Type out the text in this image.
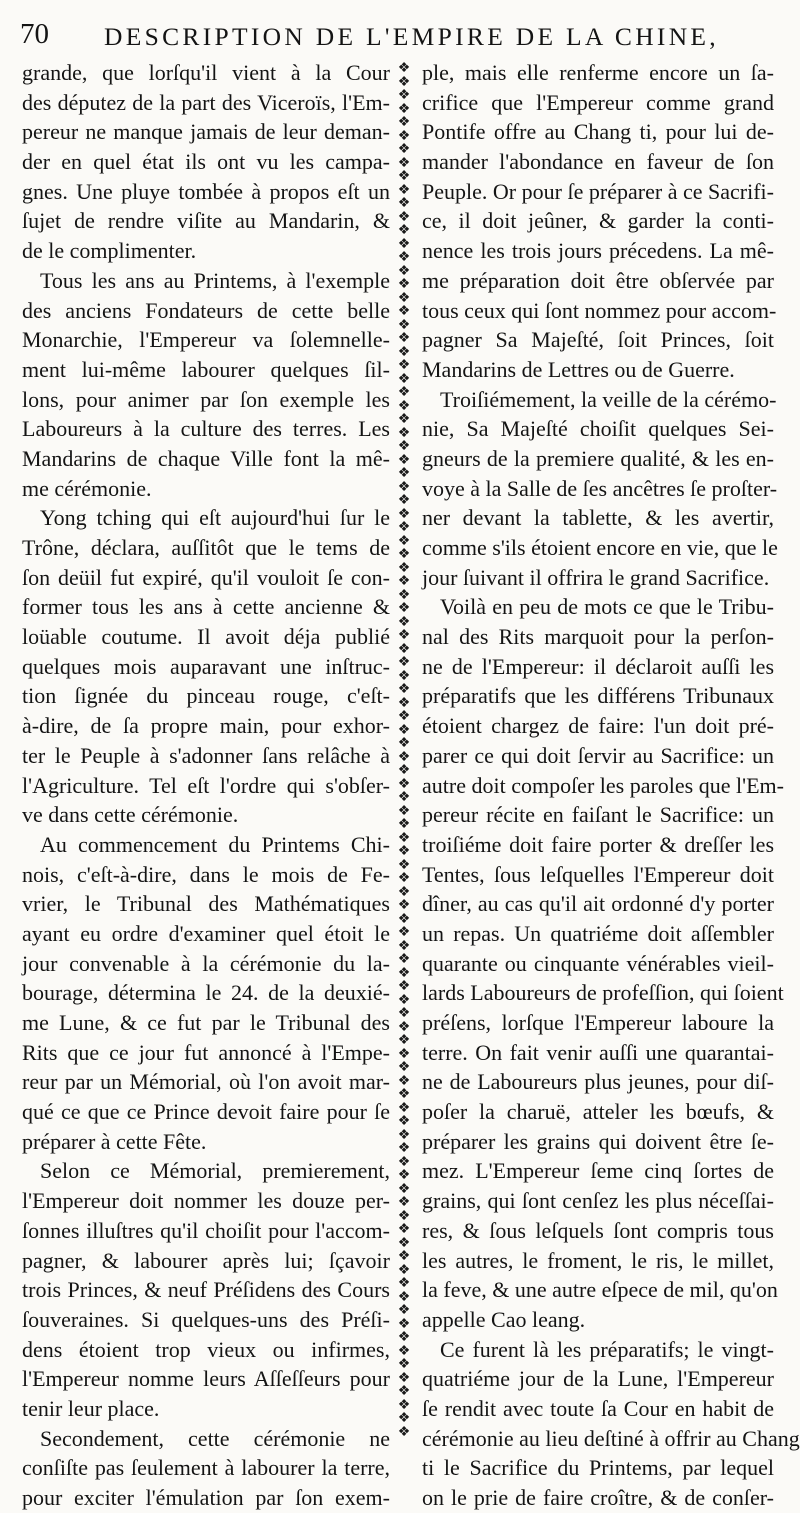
70 DESCRIPTION DE L'EMPIRE DE LA CHINE,
grande, que lorſqu'il vient à la Cour
des députez de la part des Viceroïs, l'Em-
pereur ne manque jamais de leur deman-
der en quel état ils ont vu les campa-
gnes. Une pluye tombée à propos eſt un
ſujet de rendre viſite au Mandarin, &
de le complimenter.
Tous les ans au Printems, à l'exemple
des anciens Fondateurs de cette belle
Monarchie, l'Empereur va ſolemnelle-
ment lui-même labourer quelques ſil-
lons, pour animer par ſon exemple les
Laboureurs à la culture des terres. Les
Mandarins de chaque Ville font la mê-
me cérémonie.
Yong tching qui eſt aujourd'hui ſur le
Trône, déclara, auſſitôt que le tems de
ſon deüil fut expiré, qu'il vouloit ſe con-
former tous les ans à cette ancienne &
loüable coutume. Il avoit déja publié
quelques mois auparavant une inſtruc-
tion ſignée du pinceau rouge, c'eſt-
à-dire, de ſa propre main, pour exhor-
ter le Peuple à s'adonner ſans relâche à
l'Agriculture. Tel eſt l'ordre qui s'obſer-
ve dans cette cérémonie.
Au commencement du Printems Chi-
nois, c'eſt-à-dire, dans le mois de Fe-
vrier, le Tribunal des Mathématiques
ayant eu ordre d'examiner quel étoit le
jour convenable à la cérémonie du la-
bourage, détermina le 24. de la deuxié-
me Lune, & ce fut par le Tribunal des
Rits que ce jour fut annoncé à l'Empe-
reur par un Mémorial, où l'on avoit mar-
qué ce que ce Prince devoit faire pour ſe
préparer à cette Fête.
Selon ce Mémorial, premierement,
l'Empereur doit nommer les douze per-
ſonnes illuſtres qu'il choiſit pour l'accom-
pagner, & labourer après lui; ſçavoir
trois Princes, & neuf Préſidens des Cours
ſouveraines. Si quelques-uns des Préſi-
dens étoient trop vieux ou infirmes,
l'Empereur nomme leurs Aſſeſſeurs pour
tenir leur place.
Secondement, cette cérémonie ne
conſiſte pas ſeulement à labourer la terre,
pour exciter l'émulation par ſon exem-
❖
❖
❖
❖
❖
❖
❖
❖
❖
❖
❖
❖
❖
❖
❖
❖
❖
❖
❖
❖
❖
❖
❖
❖
❖
❖
❖
❖
❖
❖
❖
❖
❖
❖
❖
❖
❖
❖
❖
❖
❖
❖
❖
❖
❖
❖
❖
❖
❖
❖
❖
❖
❖
❖
❖
❖
❖
❖
❖
❖
❖
❖
❖
❖
❖
❖
❖
❖
❖
❖
❖
❖
❖
❖
❖
❖
❖
❖
❖
❖
❖
❖
❖
❖
❖
❖
❖
❖
❖
❖
❖
❖
❖
❖
❖
❖
❖
❖
❖
❖
❖
❖
ple, mais elle renferme encore un ſa-
crifice que l'Empereur comme grand
Pontife offre au Chang ti, pour lui de-
mander l'abondance en faveur de ſon
Peuple. Or pour ſe préparer à ce Sacrifi-
ce, il doit jeûner, & garder la conti-
nence les trois jours précedens. La mê-
me préparation doit être obſervée par
tous ceux qui ſont nommez pour accom-
pagner Sa Majeſté, ſoit Princes, ſoit
Mandarins de Lettres ou de Guerre.
Troiſiémement, la veille de la cérémo-
nie, Sa Majeſté choiſit quelques Sei-
gneurs de la premiere qualité, & les en-
voye à la Salle de ſes ancêtres ſe proſter-
ner devant la tablette, & les avertir,
comme s'ils étoient encore en vie, que le
jour ſuivant il offrira le grand Sacrifice.
Voilà en peu de mots ce que le Tribu-
nal des Rits marquoit pour la perſon-
ne de l'Empereur: il déclaroit auſſi les
préparatifs que les différens Tribunaux
étoient chargez de faire: l'un doit pré-
parer ce qui doit ſervir au Sacrifice: un
autre doit compoſer les paroles que l'Em-
pereur récite en faiſant le Sacrifice: un
troiſiéme doit faire porter & dreſſer les
Tentes, ſous leſquelles l'Empereur doit
dîner, au cas qu'il ait ordonné d'y porter
un repas. Un quatriéme doit aſſembler
quarante ou cinquante vénérables vieil-
lards Laboureurs de profeſſion, qui ſoient
préſens, lorſque l'Empereur laboure la
terre. On fait venir auſſi une quarantai-
ne de Laboureurs plus jeunes, pour diſ-
poſer la charuë, atteler les bœufs, &
préparer les grains qui doivent être ſe-
mez. L'Empereur ſeme cinq ſortes de
grains, qui ſont cenſez les plus néceſſai-
res, & ſous leſquels ſont compris tous
les autres, le froment, le ris, le millet,
la feve, & une autre eſpece de mil, qu'on
appelle Cao leang.
Ce furent là les préparatifs; le vingt-
quatriéme jour de la Lune, l'Empereur
ſe rendit avec toute ſa Cour en habit de
cérémonie au lieu deſtiné à offrir au Chang
ti le Sacrifice du Printems, par lequel
on le prie de faire croître, & de conſer-
